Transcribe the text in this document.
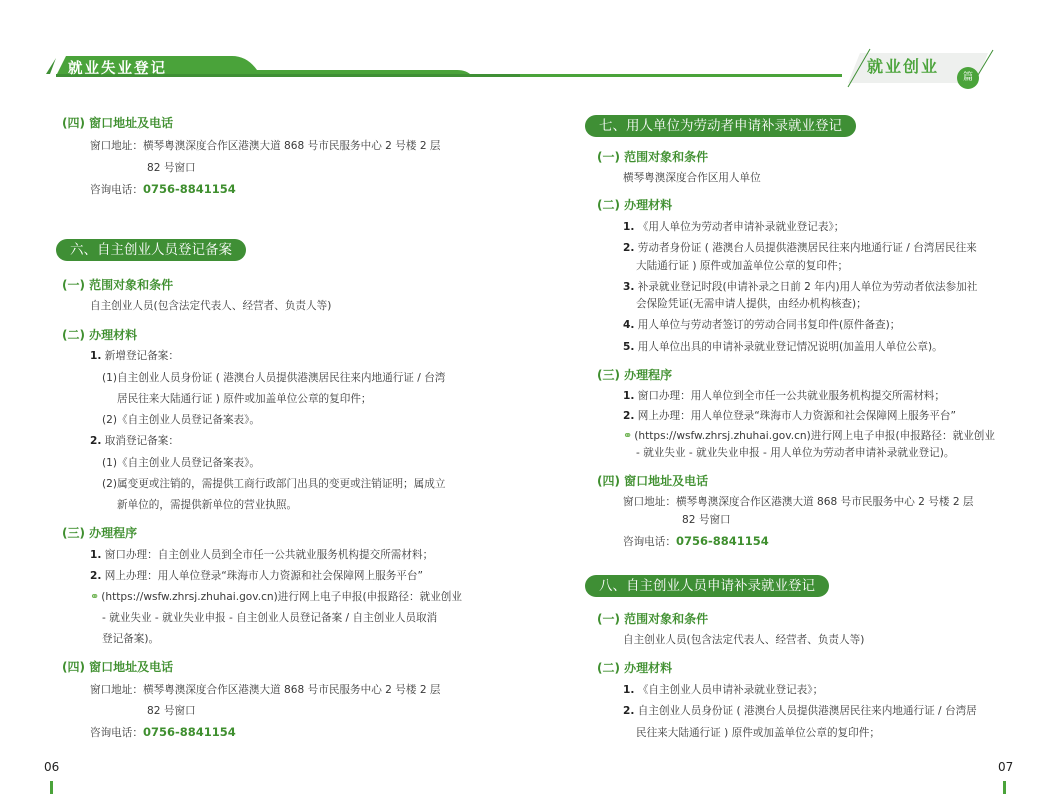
就业失业登记	就业创业
篇
(四) 窗口地址及电话
窗口地址：横琴粤澳深度合作区港澳大道 868 号市民服务中心 2 号楼 2 层
82 号窗口
咨询电话：0756-8841154
六、自主创业人员登记备案
(一) 范围对象和条件
自主创业人员(包含法定代表人、经营者、负责人等)
(二) 办理材料
1. 新增登记备案：
(1)自主创业人员身份证 ( 港澳台人员提供港澳居民往来内地通行证 / 台湾
居民往来大陆通行证 ) 原件或加盖单位公章的复印件；
(2)《自主创业人员登记备案表》。
2. 取消登记备案：
(1)《自主创业人员登记备案表》。
(2)属变更或注销的，需提供工商行政部门出具的变更或注销证明；属成立
新单位的，需提供新单位的营业执照。
(三) 办理程序
1. 窗口办理：自主创业人员到全市任一公共就业服务机构提交所需材料；
2. 网上办理：用人单位登录“珠海市人力资源和社会保障网上服务平台”
⚭ (https://wsfw.zhrsj.zhuhai.gov.cn)进行网上电子申报(申报路径：就业创业
- 就业失业 - 就业失业申报 - 自主创业人员登记备案 / 自主创业人员取消
登记备案)。
(四) 窗口地址及电话
窗口地址：横琴粤澳深度合作区港澳大道 868 号市民服务中心 2 号楼 2 层
82 号窗口
咨询电话：0756-8841154
06
七、用人单位为劳动者申请补录就业登记
(一) 范围对象和条件
横琴粤澳深度合作区用人单位
(二) 办理材料
1. 《用人单位为劳动者申请补录就业登记表》；
2. 劳动者身份证 ( 港澳台人员提供港澳居民往来内地通行证 / 台湾居民往来
大陆通行证 ) 原件或加盖单位公章的复印件；
3. 补录就业登记时段(申请补录之日前 2 年内)用人单位为劳动者依法参加社
会保险凭证(无需申请人提供，由经办机构核查)；
4. 用人单位与劳动者签订的劳动合同书复印件(原件备查)；
5. 用人单位出具的申请补录就业登记情况说明(加盖用人单位公章)。
(三) 办理程序
1. 窗口办理：用人单位到全市任一公共就业服务机构提交所需材料；
2. 网上办理：用人单位登录“珠海市人力资源和社会保障网上服务平台”
⚭ (https://wsfw.zhrsj.zhuhai.gov.cn)进行网上电子申报(申报路径：就业创业
- 就业失业 - 就业失业申报 - 用人单位为劳动者申请补录就业登记)。
(四) 窗口地址及电话
窗口地址：横琴粤澳深度合作区港澳大道 868 号市民服务中心 2 号楼 2 层
82 号窗口
咨询电话：0756-8841154
八、自主创业人员申请补录就业登记
(一) 范围对象和条件
自主创业人员(包含法定代表人、经营者、负责人等)
(二) 办理材料
1. 《自主创业人员申请补录就业登记表》；
2. 自主创业人员身份证 ( 港澳台人员提供港澳居民往来内地通行证 / 台湾居
民往来大陆通行证 ) 原件或加盖单位公章的复印件；
07
